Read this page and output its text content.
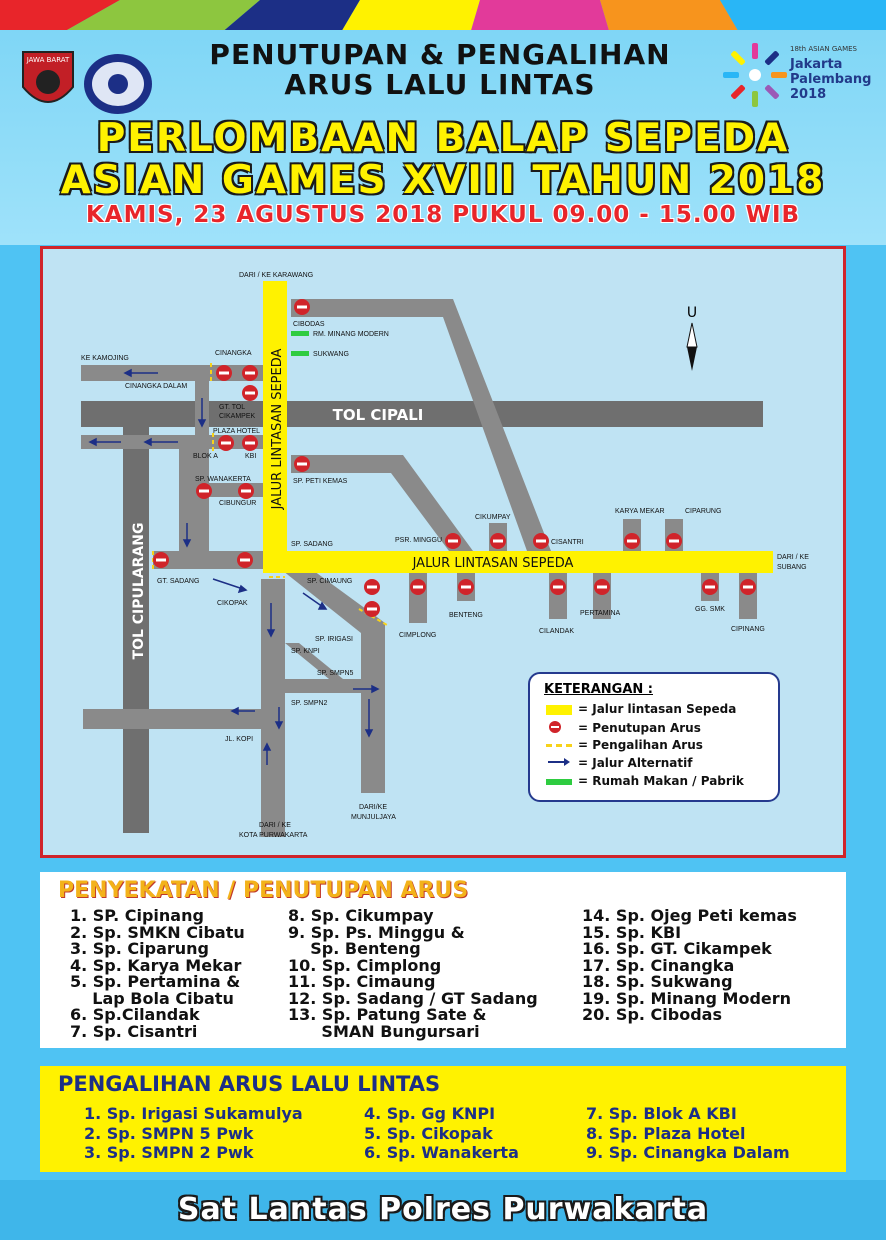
JAWA BARAT	PENUTUPAN & PENGALIHAN
ARUS LALU LINTAS
18th ASIAN GAMES
Jakarta
Palembang
2018
PERLOMBAAN BALAP SEPEDA
ASIAN GAMES XVIII TAHUN 2018
KAMIS, 23 AGUSTUS 2018 PUKUL 09.00 - 15.00 WIB
TOL CIPALI
TOL CIPULARANG
JALUR LINTASAN SEPEDA
JALUR LINTASAN SEPEDA
U
DARI / KE KARAWANG
CIBODAS
RM. MINANG MODERN
SUKWANG
KE KAMOJING
CINANGKA
CINANGKA DALAM
GT. TOL
CIKAMPEK
PLAZA HOTEL
BLOK A	KBI
SP. PETI KEMAS
SP. WANAKERTA
CIBUNGUR
SP. SADANG
PSR. MINGGU
CIKUMPAY
CISANTRI
KARYA MEKAR	CIPARUNG
DARI / KE
SUBANG
GT. SADANG	SP. CIMAUNG
CIKOPAK
BENTENG	PERTAMINA
CILANDAK
GG. SMK
CIPINANG
CIMPLONG
SP. IRIGASI
SP. KNPI
SP. SMPN5
SP. SMPN2
JL. KOPI
DARI / KE
KOTA PURWAKARTA
DARI/KE
MUNJULJAYA
KETERANGAN :
= Jalur lintasan Sepeda
= Penutupan Arus
= Pengalihan Arus
= Jalur Alternatif
= Rumah Makan / Pabrik
PENYEKATAN / PENUTUPAN ARUS
1. SP. Cipinang
2. Sp. SMKN Cibatu
3. Sp. Ciparung
4. Sp. Karya Mekar
5. Sp. Pertamina &
Lap Bola Cibatu
6. Sp.Cilandak
7. Sp. Cisantri
8. Sp. Cikumpay
9. Sp. Ps. Minggu &
Sp. Benteng
10. Sp. Cimplong
11. Sp. Cimaung
12. Sp. Sadang / GT Sadang
13. Sp. Patung Sate &
SMAN Bungursari
14. Sp. Ojeg Peti kemas
15. Sp. KBI
16. Sp. GT. Cikampek
17. Sp. Cinangka
18. Sp. Sukwang
19. Sp. Minang Modern
20. Sp. Cibodas
PENGALIHAN ARUS LALU LINTAS
1. Sp. Irigasi Sukamulya
2. Sp. SMPN 5 Pwk
3. Sp. SMPN 2 Pwk
4. Sp. Gg KNPI
5. Sp. Cikopak
6. Sp. Wanakerta
7. Sp. Blok A KBI
8. Sp. Plaza Hotel
9. Sp. Cinangka Dalam
Sat Lantas Polres Purwakarta
